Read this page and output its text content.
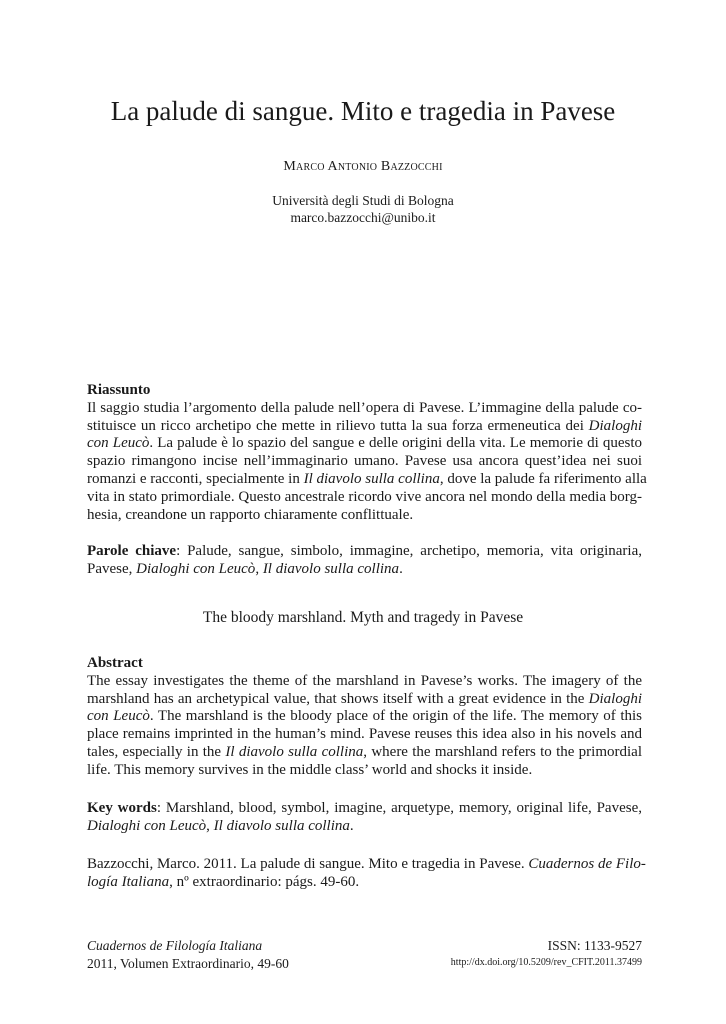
La palude di sangue. Mito e tragedia in Pavese
Marco Antonio Bazzocchi
Università degli Studi di Bologna
marco.bazzocchi@unibo.it
Riassunto
Il saggio studia l’argomento della palude nell’opera di Pavese. L’immagine della palude co-
stituisce un ricco archetipo che mette in rilievo tutta la sua forza ermeneutica dei Dialoghi
con Leucò. La palude è lo spazio del sangue e delle origini della vita. Le memorie di questo
spazio rimangono incise nell’immaginario umano. Pavese usa ancora quest’idea nei suoi
romanzi e racconti, specialmente in Il diavolo sulla collina, dove la palude fa riferimento alla
vita in stato primordiale. Questo ancestrale ricordo vive ancora nel mondo della media borg-
hesia, creandone un rapporto chiaramente conflittuale.
Parole chiave: Palude, sangue, simbolo, immagine, archetipo, memoria, vita originaria,
Pavese, Dialoghi con Leucò, Il diavolo sulla collina.
The bloody marshland. Myth and tragedy in Pavese
Abstract
The essay investigates the theme of the marshland in Pavese’s works. The imagery of the
marshland has an archetypical value, that shows itself with a great evidence in the Dialoghi
con Leucò. The marshland is the bloody place of the origin of the life. The memory of this
place remains imprinted in the human’s mind. Pavese reuses this idea also in his novels and
tales, especially in the Il diavolo sulla collina, where the marshland refers to the primordial
life. This memory survives in the middle class’ world and shocks it inside.
Key words: Marshland, blood, symbol, imagine, arquetype, memory, original life, Pavese,
Dialoghi con Leucò, Il diavolo sulla collina.
Bazzocchi, Marco. 2011. La palude di sangue. Mito e tragedia in Pavese. Cuadernos de Filo-
logía Italiana, nº extraordinario: págs. 49-60.
Cuadernos de Filología Italiana
2011, Volumen Extraordinario, 49-60
ISSN: 1133-9527
http://dx.doi.org/10.5209/rev_CFIT.2011.37499
